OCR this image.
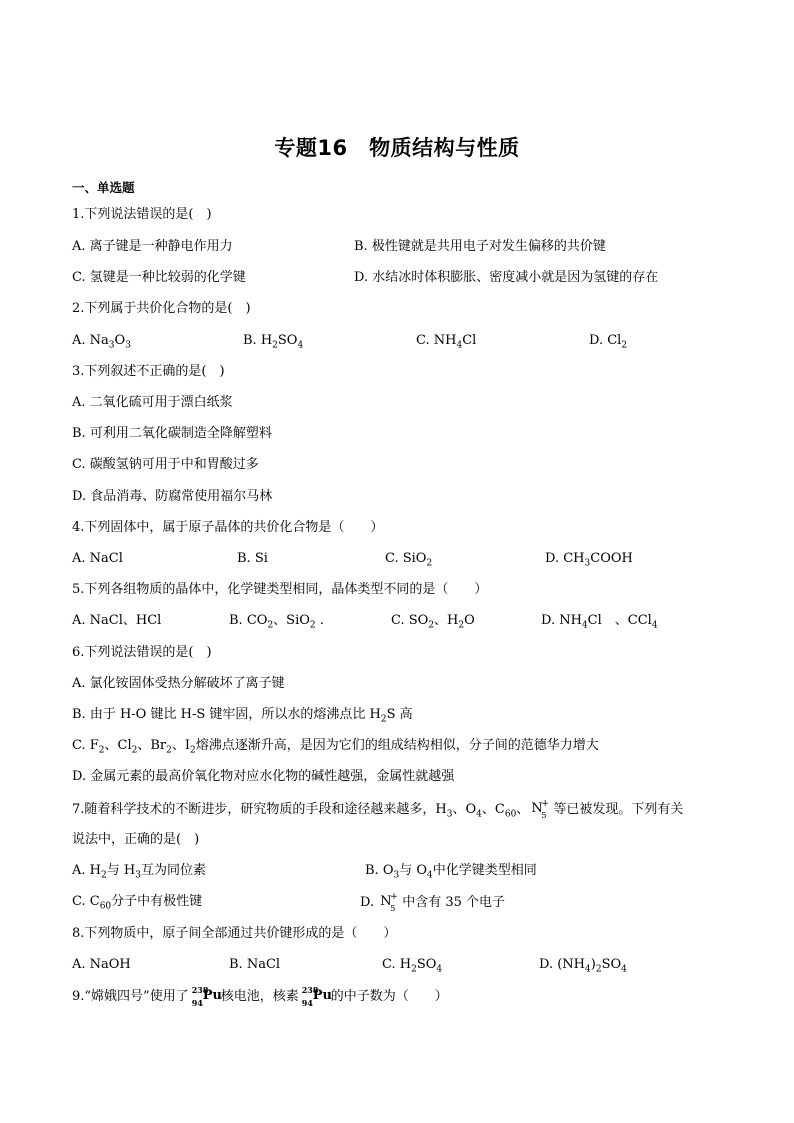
专题16　物质结构与性质
一、单选题
1.下列说法错误的是(　)
A. 离子键是一种静电作用力	B. 极性键就是共用电子对发生偏移的共价键
C. 氢键是一种比较弱的化学键	D. 水结冰时体积膨胀、密度减小就是因为氢键的存在
2.下列属于共价化合物的是(　)
A. $Na_3O_3$	B. $H_2SO_4$	C. $NH_4Cl$	D. $Cl_2$
3.下列叙述不正确的是(　)
A. 二氧化硫可用于漂白纸浆
B. 可利用二氧化碳制造全降解塑料
C. 碳酸氢钠可用于中和胃酸过多
D. 食品消毒、防腐常使用福尔马林
4.下列固体中，属于原子晶体的共价化合物是（　　）
A. NaCl	B. Si	C. SiO$_2$	D. $CH_3COOH$
5.下列各组物质的晶体中，化学键类型相同，晶体类型不同的是（　　）
A. NaCl、HCl	B. $CO_2$、SiO$_2$ .	C. $SO_2$、$H_2O$	D. $NH_4Cl$　、CCl$_4$
6.下列说法错误的是(　)
A. 氯化铵固体受热分解破坏了离子键
B. 由于 H-O 键比 H-S 键牢固，所以水的熔沸点比 $H_2S$ 高
C. $F_2$、$Cl_2$、$Br_2$、$I_2$熔沸点逐渐升高，是因为它们的组成结构相似，分子间的范德华力增大
D. 金属元素的最高价氧化物对应水化物的碱性越强，金属性就越强
7.随着科学技术的不断进步，研究物质的手段和途径越来越多，$H_3$、$O_4$、$C_{60}$、 N
5
+ 等已被发现。下列有关
说法中，正确的是(　)
A. $H_2$与 $H_3$互为同位素	B. $O_3$与 $O_4$中化学键类型相同
C. $C_{60}$分子中有极性键	D. N
5
+ 中含有 35 个电子
8.下列物质中，原子间全部通过共价键形成的是（　　）
A. NaOH	B. NaCl	C. $H_2SO_4$	D. $(NH_4)_2SO_4$
9.“嫦娥四号”使用了 238
94 Pu
核电池，核素 238
94 Pu
的中子数为（　　）
